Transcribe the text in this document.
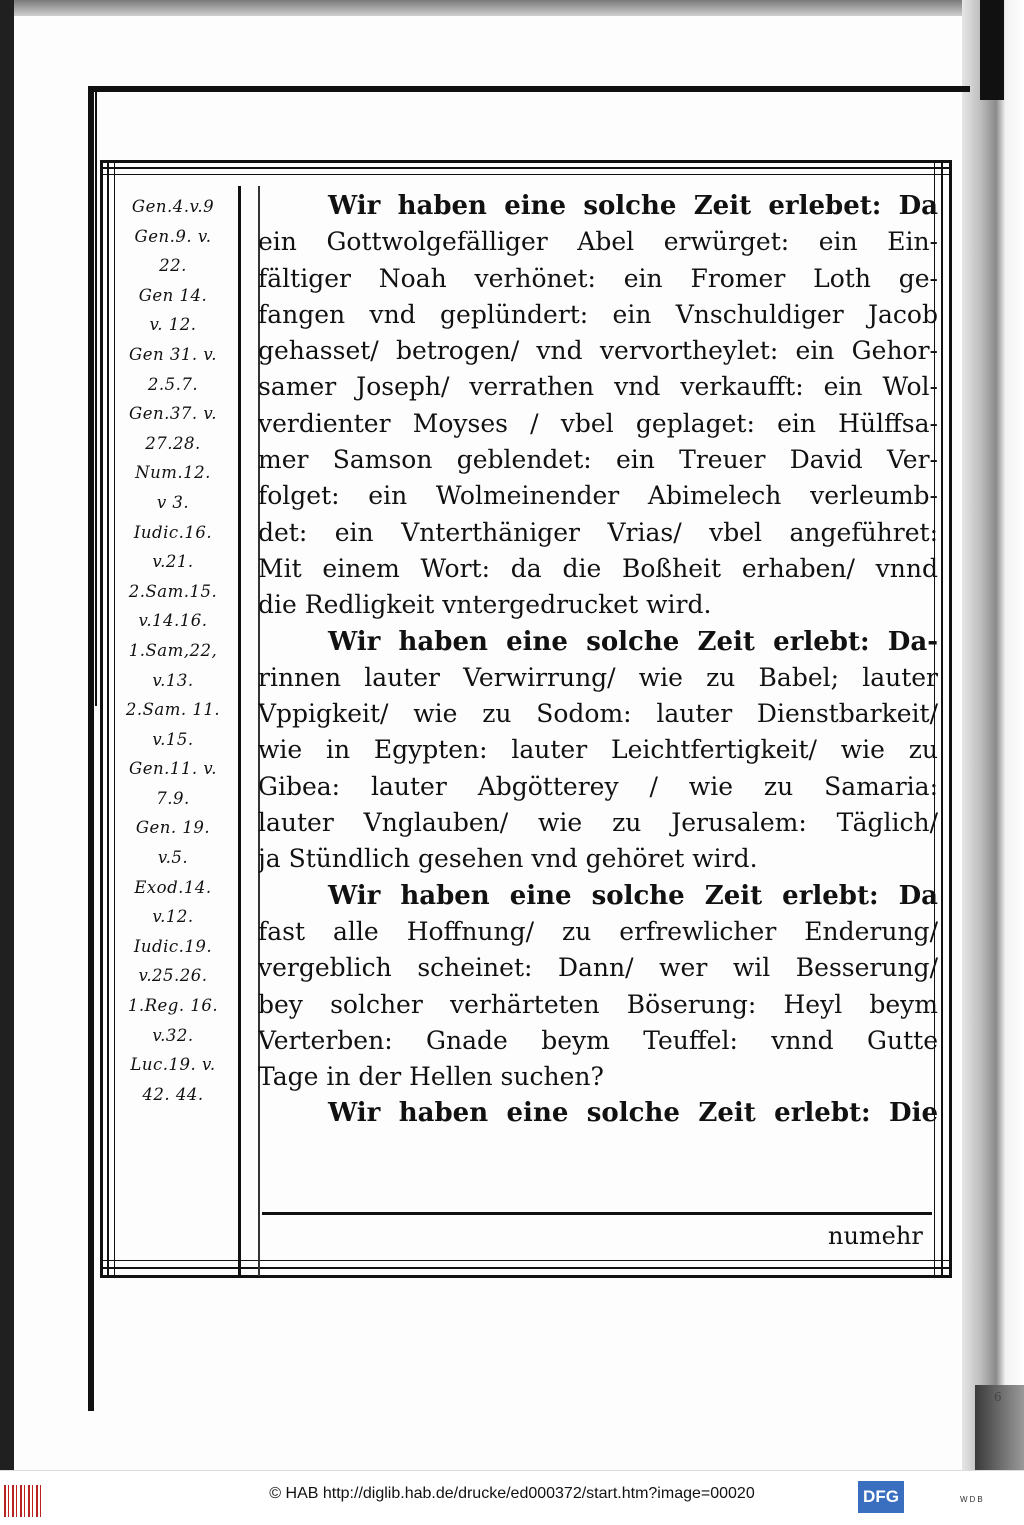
6
Gen.4.v.9
Gen.9. v.
22.
Gen 14.
v. 12.
Gen 31. v.
2.5.7.
Gen.37. v.
27.28.
Num.12.
v 3.
Iudic.16.
v.21.
2.Sam.15.
v.14.16.
1.Sam,22,
v.13.
2.Sam. 11.
v.15.
Gen.11. v.
7.9.
Gen. 19.
v.5.
Exod.14.
v.12.
Iudic.19.
v.25.26.
1.Reg. 16.
v.32.
Luc.19. v.
42. 44.
Wir haben eine solche Zeit erlebet: Da
ein Gottwolgefälliger Abel erwürget: ein Ein-
fältiger Noah verhönet: ein Fromer Loth ge-
fangen vnd geplündert: ein Vnschuldiger Jacob
gehasset/ betrogen/ vnd vervortheylet: ein Gehor-
samer Joseph/ verrathen vnd verkaufft: ein Wol-
verdienter Moyses / vbel geplaget: ein Hülffsa-
mer Samson geblendet: ein Treuer David Ver-
folget: ein Wolmeinender Abimelech verleumb-
det: ein Vnterthäniger Vrias/ vbel angeführet:
Mit einem Wort: da die Boßheit erhaben/ vnnd
die Redligkeit vntergedrucket wird.
Wir haben eine solche Zeit erlebt: Da-
rinnen lauter Verwirrung/ wie zu Babel; lauter
Vppigkeit/ wie zu Sodom: lauter Dienstbarkeit/
wie in Egypten: lauter Leichtfertigkeit/ wie zu
Gibea: lauter Abgötterey / wie zu Samaria:
lauter Vnglauben/ wie zu Jerusalem: Täglich/
ja Stündlich gesehen vnd gehöret wird.
Wir haben eine solche Zeit erlebt: Da
fast alle Hoffnung/ zu erfrewlicher Enderung/
vergeblich scheinet: Dann/ wer wil Besserung/
bey solcher verhärteten Böserung: Heyl beym
Verterben: Gnade beym Teuffel: vnnd Gutte
Tage in der Hellen suchen?
Wir haben eine solche Zeit erlebt: Die
numehr
© HAB http://diglib.hab.de/drucke/ed000372/start.htm?image=00020	DFG	WDB
